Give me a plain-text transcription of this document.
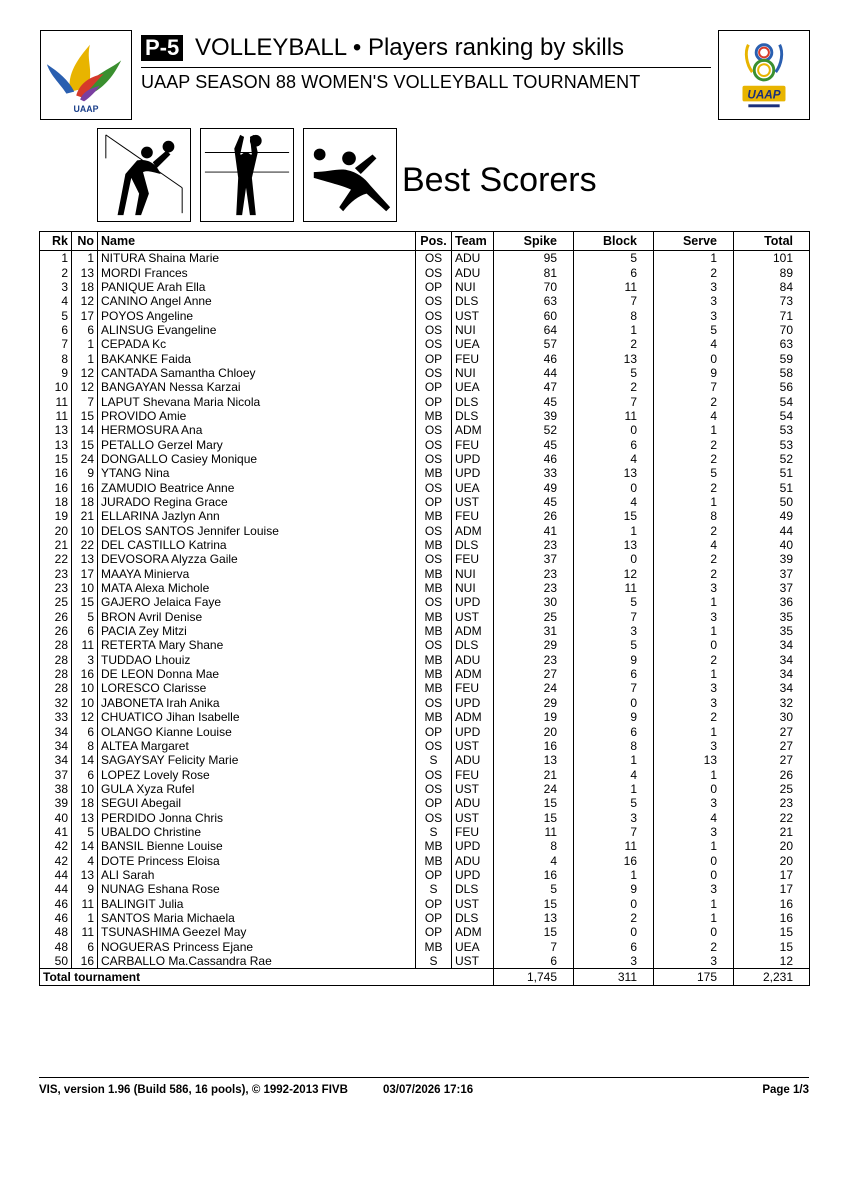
UAAP
UAAP
P-5 VOLLEYBALL • Players ranking by skills
UAAP SEASON 88 WOMEN'S VOLLEYBALL TOURNAMENT
Best Scorers
Rk	No	Name	Pos.	Team	Spike	Block	Serve	Total
1	1	NITURA Shaina Marie	OS	ADU	95	5	1	101
2	13	MORDI Frances	OS	ADU	81	6	2	89
3	18	PANIQUE Arah Ella	OP	NUI	70	11	3	84
4	12	CANINO Angel Anne	OS	DLS	63	7	3	73
5	17	POYOS Angeline	OS	UST	60	8	3	71
6	6	ALINSUG Evangeline	OS	NUI	64	1	5	70
7	1	CEPADA Kc	OS	UEA	57	2	4	63
8	1	BAKANKE Faida	OP	FEU	46	13	0	59
9	12	CANTADA Samantha Chloey	OS	NUI	44	5	9	58
10	12	BANGAYAN Nessa Karzai	OP	UEA	47	2	7	56
11	7	LAPUT Shevana Maria Nicola	OP	DLS	45	7	2	54
11	15	PROVIDO Amie	MB	DLS	39	11	4	54
13	14	HERMOSURA Ana	OS	ADM	52	0	1	53
13	15	PETALLO Gerzel Mary	OS	FEU	45	6	2	53
15	24	DONGALLO Casiey Monique	OS	UPD	46	4	2	52
16	9	YTANG Nina	MB	UPD	33	13	5	51
16	16	ZAMUDIO Beatrice Anne	OS	UEA	49	0	2	51
18	18	JURADO Regina Grace	OP	UST	45	4	1	50
19	21	ELLARINA Jazlyn Ann	MB	FEU	26	15	8	49
20	10	DELOS SANTOS Jennifer Louise	OS	ADM	41	1	2	44
21	22	DEL CASTILLO Katrina	MB	DLS	23	13	4	40
22	13	DEVOSORA Alyzza Gaile	OS	FEU	37	0	2	39
23	17	MAAYA Minierva	MB	NUI	23	12	2	37
23	10	MATA Alexa Michole	MB	NUI	23	11	3	37
25	15	GAJERO Jelaica Faye	OS	UPD	30	5	1	36
26	5	BRON Avril Denise	MB	UST	25	7	3	35
26	6	PACIA Zey Mitzi	MB	ADM	31	3	1	35
28	11	RETERTA Mary Shane	OS	DLS	29	5	0	34
28	3	TUDDAO Lhouiz	MB	ADU	23	9	2	34
28	16	DE LEON Donna Mae	MB	ADM	27	6	1	34
28	10	LORESCO Clarisse	MB	FEU	24	7	3	34
32	10	JABONETA Irah Anika	OS	UPD	29	0	3	32
33	12	CHUATICO Jihan Isabelle	MB	ADM	19	9	2	30
34	6	OLANGO Kianne Louise	OP	UPD	20	6	1	27
34	8	ALTEA Margaret	OS	UST	16	8	3	27
34	14	SAGAYSAY Felicity Marie	S	ADU	13	1	13	27
37	6	LOPEZ Lovely Rose	OS	FEU	21	4	1	26
38	10	GULA Xyza Rufel	OS	UST	24	1	0	25
39	18	SEGUI Abegail	OP	ADU	15	5	3	23
40	13	PERDIDO Jonna Chris	OS	UST	15	3	4	22
41	5	UBALDO Christine	S	FEU	11	7	3	21
42	14	BANSIL Bienne Louise	MB	UPD	8	11	1	20
42	4	DOTE Princess Eloisa	MB	ADU	4	16	0	20
44	13	ALI Sarah	OP	UPD	16	1	0	17
44	9	NUNAG Eshana Rose	S	DLS	5	9	3	17
46	11	BALINGIT Julia	OP	UST	15	0	1	16
46	1	SANTOS Maria Michaela	OP	DLS	13	2	1	16
48	11	TSUNASHIMA Geezel May	OP	ADM	15	0	0	15
48	6	NOGUERAS Princess Ejane	MB	UEA	7	6	2	15
50	16	CARBALLO Ma.Cassandra Rae	S	UST	6	3	3	12
Total tournament					1,745	311	175	2,231
VIS, version 1.96 (Build 586, 16 pools), © 1992-2013 FIVB	03/07/2026 17:16	Page 1/3
